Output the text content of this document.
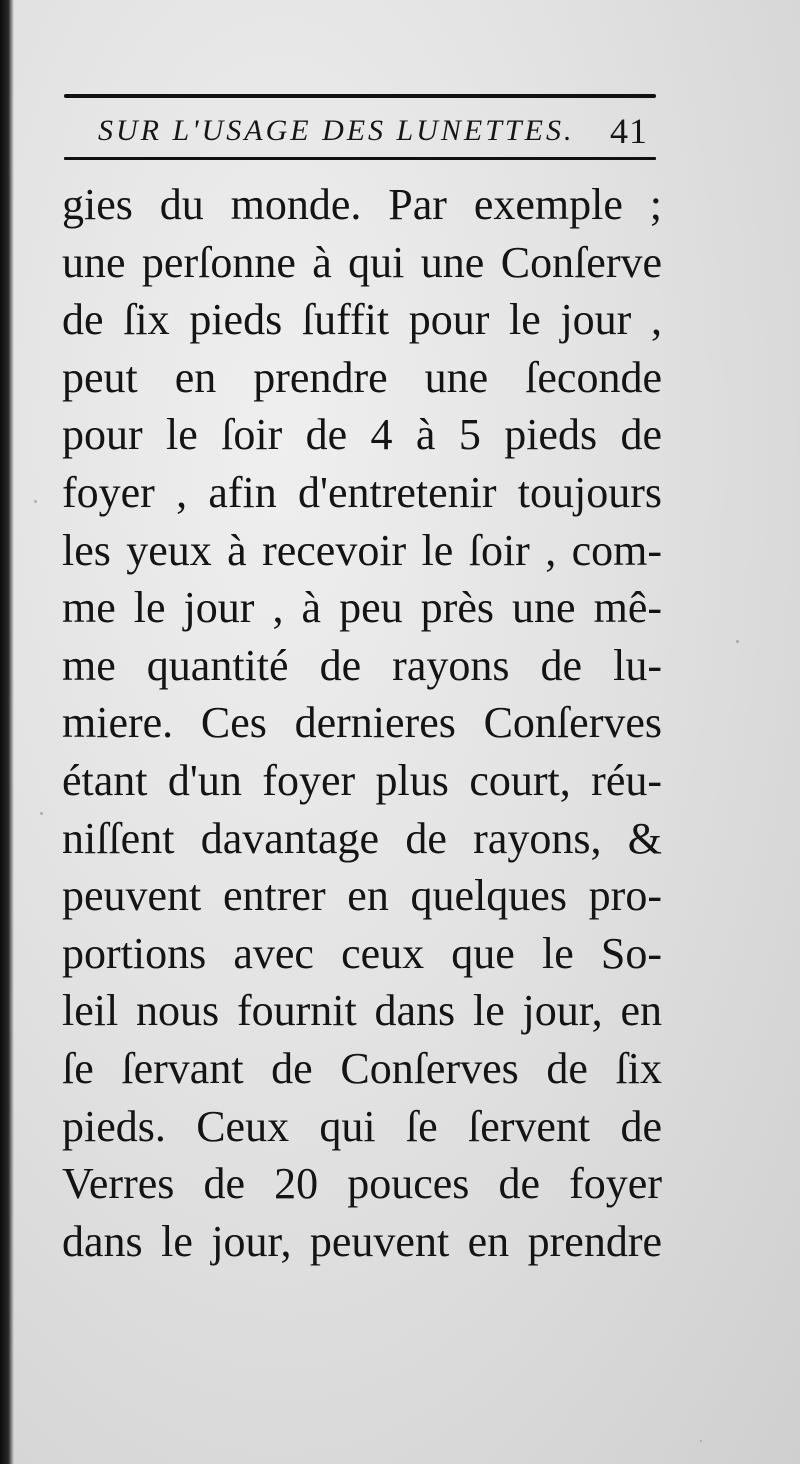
SUR L'USAGE DES LUNETTES. 41
gies du monde. Par exemple ;
une perſonne à qui une Conſerve
de ſix pieds ſuffit pour le jour ,
peut en prendre une ſeconde
pour le ſoir de 4 à 5 pieds de
foyer , afin d'entretenir toujours
les yeux à recevoir le ſoir , com-
me le jour , à peu près une mê-
me quantité de rayons de lu-
miere. Ces dernieres Conſerves
étant d'un foyer plus court, réu-
niſſent davantage de rayons, &
peuvent entrer en quelques pro-
portions avec ceux que le So-
leil nous fournit dans le jour, en
ſe ſervant de Conſerves de ſix
pieds. Ceux qui ſe ſervent de
Verres de 20 pouces de foyer
dans le jour, peuvent en prendre
